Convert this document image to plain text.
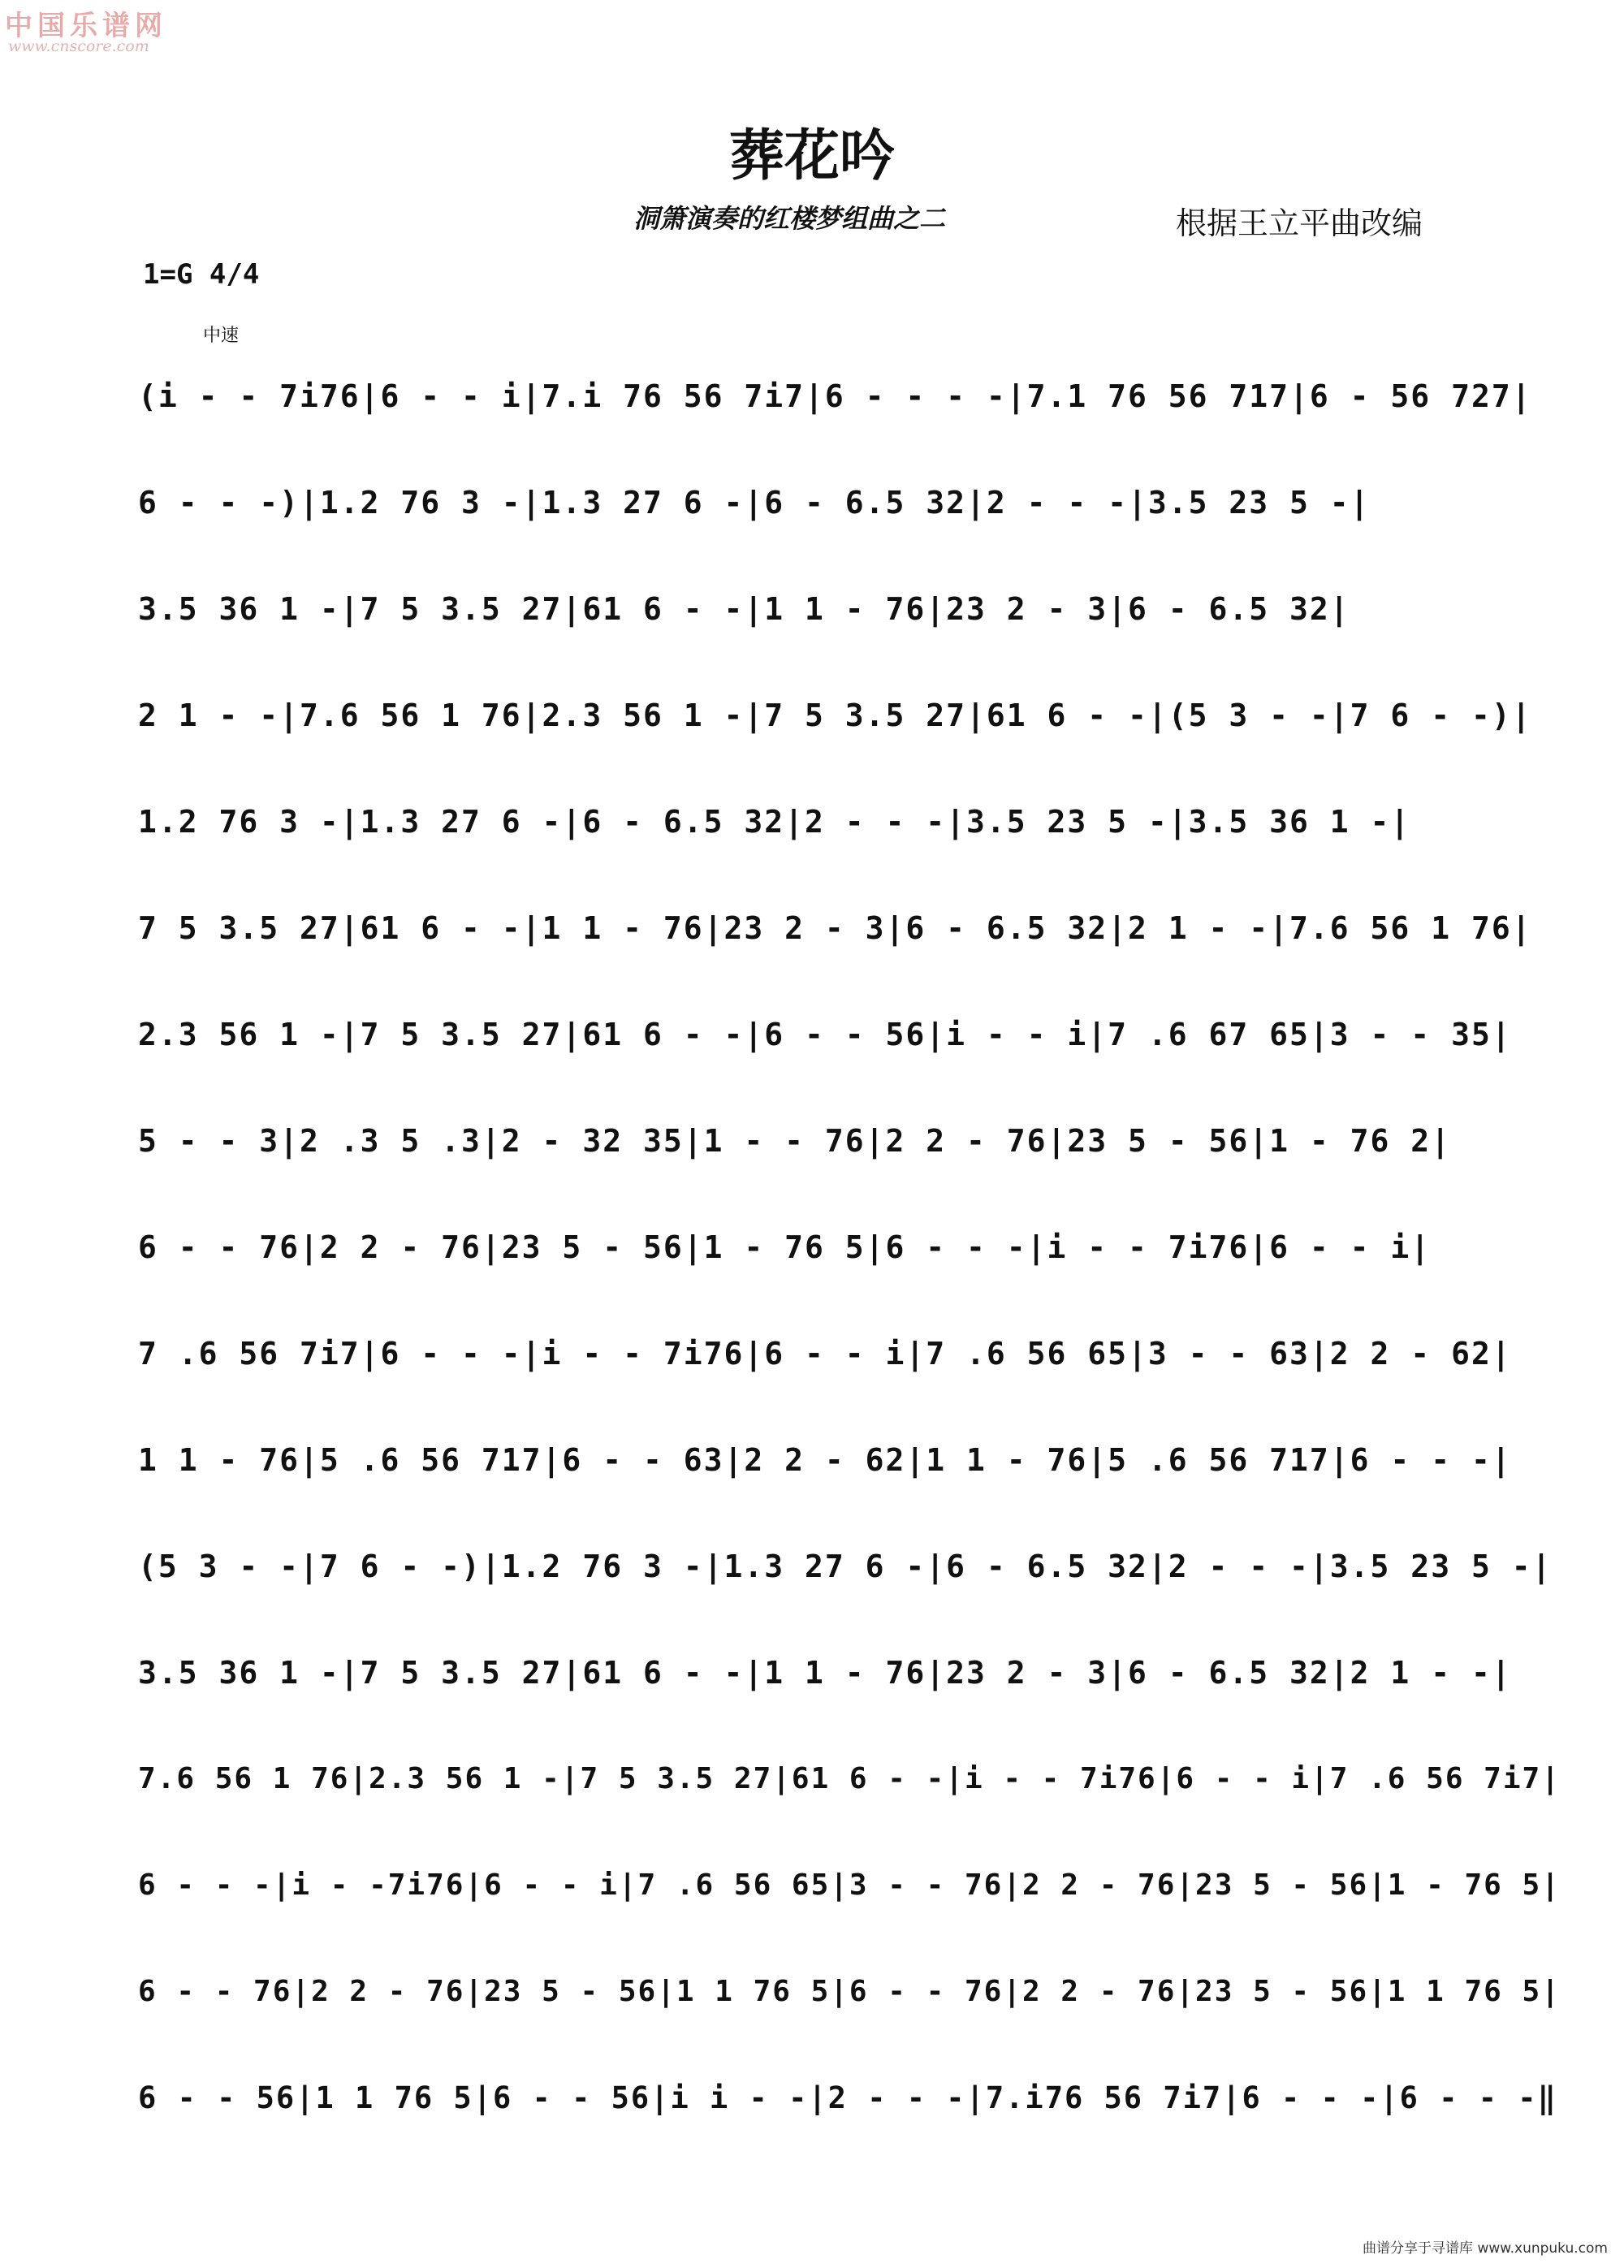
中国乐谱网
www.cnscore.com
葬花吟
洞箫演奏的红楼梦组曲之二	根据王立平曲改编
1=G 4/4
中速
(i - - 7i76|6 - - i|7.i 76 56 7i7|6 - - - -|7.1 76 56 717|6 - 56 727|
6 - - -)|1.2 76 3 -|1.3 27 6 -|6 - 6.5 32|2 - - -|3.5 23 5 -|
3.5 36 1 -|7 5 3.5 27|61 6 - -|1 1 - 76|23 2 - 3|6 - 6.5 32|
2 1 - -|7.6 56 1 76|2.3 56 1 -|7 5 3.5 27|61 6 - -|(5 3 - -|7 6 - -)|
1.2 76 3 -|1.3 27 6 -|6 - 6.5 32|2 - - -|3.5 23 5 -|3.5 36 1 -|
7 5 3.5 27|61 6 - -|1 1 - 76|23 2 - 3|6 - 6.5 32|2 1 - -|7.6 56 1 76|
2.3 56 1 -|7 5 3.5 27|61 6 - -|6 - - 56|i - - i|7 .6 67 65|3 - - 35|
5 - - 3|2 .3 5 .3|2 - 32 35|1 - - 76|2 2 - 76|23 5 - 56|1 - 76 2|
6 - - 76|2 2 - 76|23 5 - 56|1 - 76 5|6 - - -|i - - 7i76|6 - - i|
7 .6 56 7i7|6 - - -|i - - 7i76|6 - - i|7 .6 56 65|3 - - 63|2 2 - 62|
1 1 - 76|5 .6 56 717|6 - - 63|2 2 - 62|1 1 - 76|5 .6 56 717|6 - - -|
(5 3 - -|7 6 - -)|1.2 76 3 -|1.3 27 6 -|6 - 6.5 32|2 - - -|3.5 23 5 -|
3.5 36 1 -|7 5 3.5 27|61 6 - -|1 1 - 76|23 2 - 3|6 - 6.5 32|2 1 - -|
7.6 56 1 76|2.3 56 1 -|7 5 3.5 27|61 6 - -|i - - 7i76|6 - - i|7 .6 56 7i7|
6 - - -|i - -7i76|6 - - i|7 .6 56 65|3 - - 76|2 2 - 76|23 5 - 56|1 - 76 5|
6 - - 76|2 2 - 76|23 5 - 56|1 1 76 5|6 - - 76|2 2 - 76|23 5 - 56|1 1 76 5|
6 - - 56|1 1 76 5|6 - - 56|i i - -|2 - - -|7.i76 56 7i7|6 - - -|6 - - -‖
曲谱分享于寻谱库 www.xunpuku.com
